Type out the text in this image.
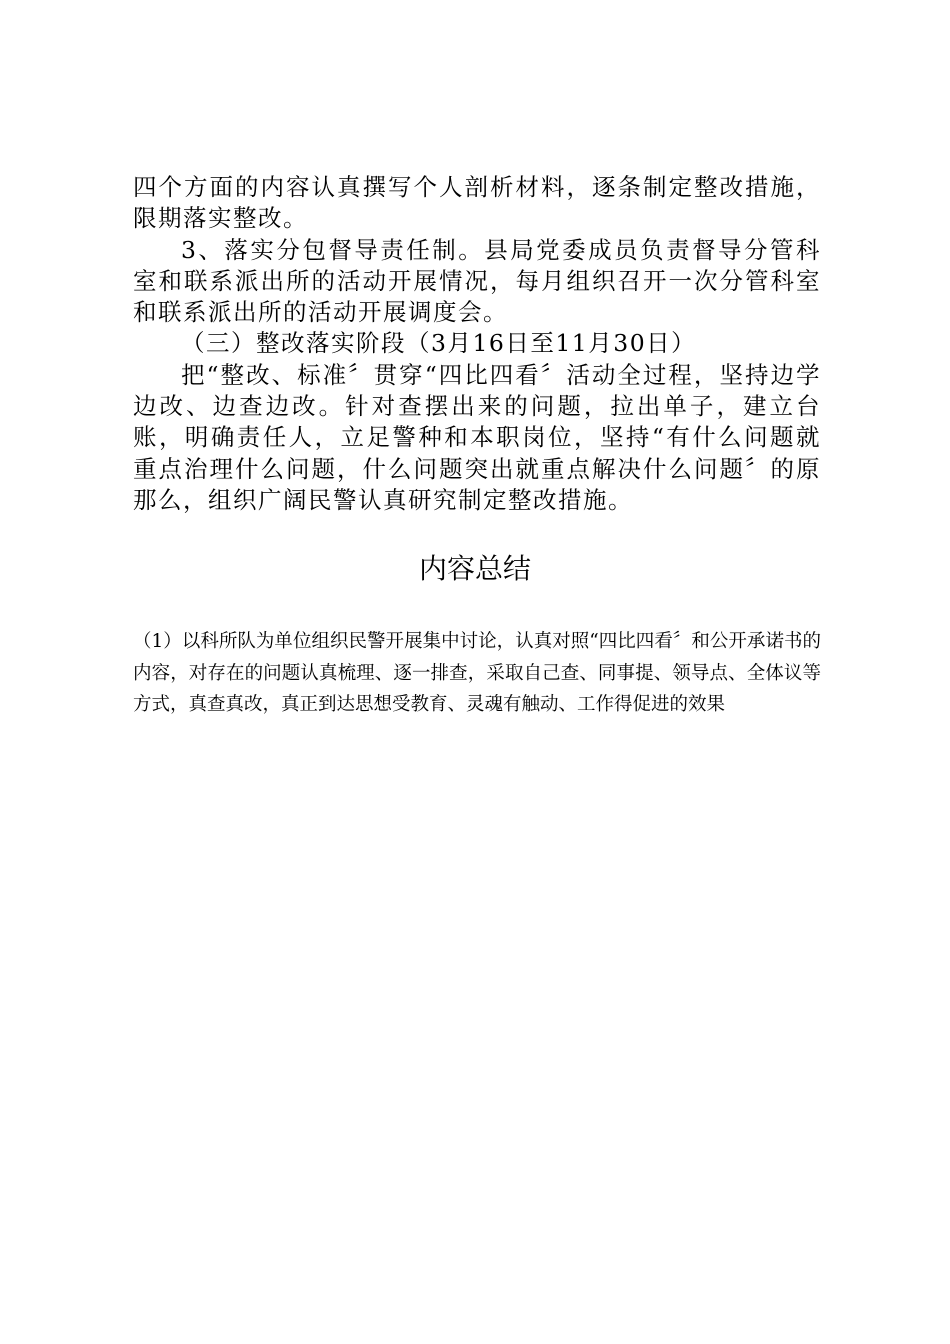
四个方面的内容认真撰写个人剖析材料，逐条制定整改措施，限期落实整改。

3、落实分包督导责任制。县局党委成员负责督导分管科室和联系派出所的活动开展情况，每月组织召开一次分管科室和联系派出所的活动开展调度会。

（三）整改落实阶段（3月16日至11月30日）

把“整改、标准〞贯穿“四比四看〞活动全过程，坚持边学边改、边查边改。针对查摆出来的问题，拉出单子，建立台账，明确责任人，立足警种和本职岗位，坚持“有什么问题就重点治理什么问题，什么问题突出就重点解决什么问题〞的原那么，组织广阔民警认真研究制定整改措施。

内容总结

（1）以科所队为单位组织民警开展集中讨论，认真对照“四比四看〞和公开承诺书的内容，对存在的问题认真梳理、逐一排查，采取自己查、同事提、领导点、全体议等方式，真查真改，真正到达思想受教育、灵魂有触动、工作得促进的效果
